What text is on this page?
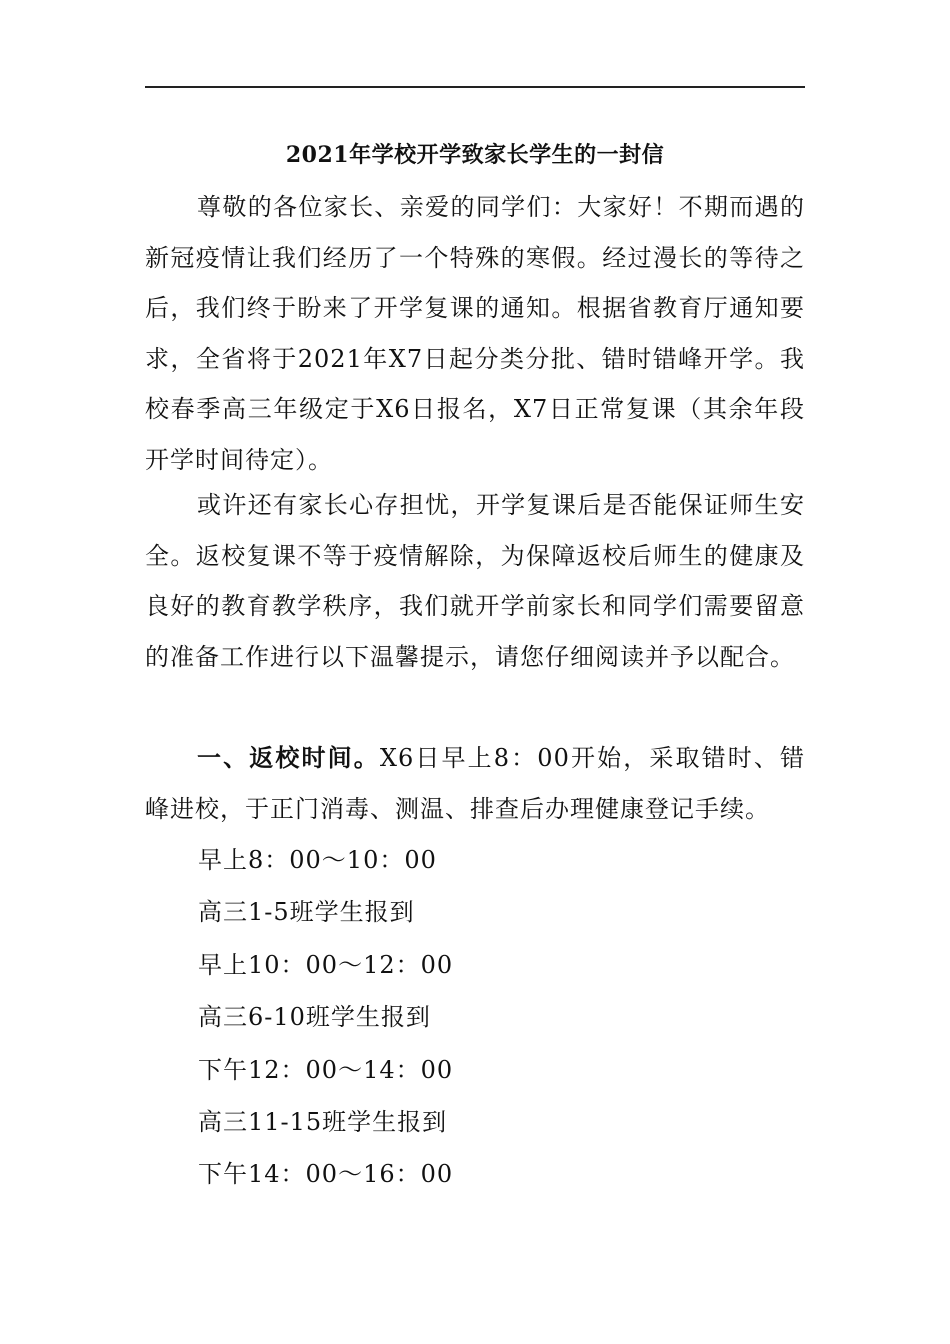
2021年学校开学致家长学生的一封信
尊敬的各位家长、亲爱的同学们：大家好！不期而遇的新冠疫情让我们经历了一个特殊的寒假。经过漫长的等待之后，我们终于盼来了开学复课的通知。根据省教育厅通知要求，全省将于2021年X7日起分类分批、错时错峰开学。我校春季高三年级定于X6日报名，X7日正常复课（其余年段开学时间待定）。
或许还有家长心存担忧，开学复课后是否能保证师生安全。返校复课不等于疫情解除，为保障返校后师生的健康及良好的教育教学秩序，我们就开学前家长和同学们需要留意的准备工作进行以下温馨提示，请您仔细阅读并予以配合。
一、返校时间。X6日早上8：00开始，采取错时、错峰进校，于正门消毒、测温、排查后办理健康登记手续。
早上8：00～10：00
高三1-5班学生报到
早上10：00～12：00
高三6-10班学生报到
下午12：00～14：00
高三11-15班学生报到
下午14：00～16：00
